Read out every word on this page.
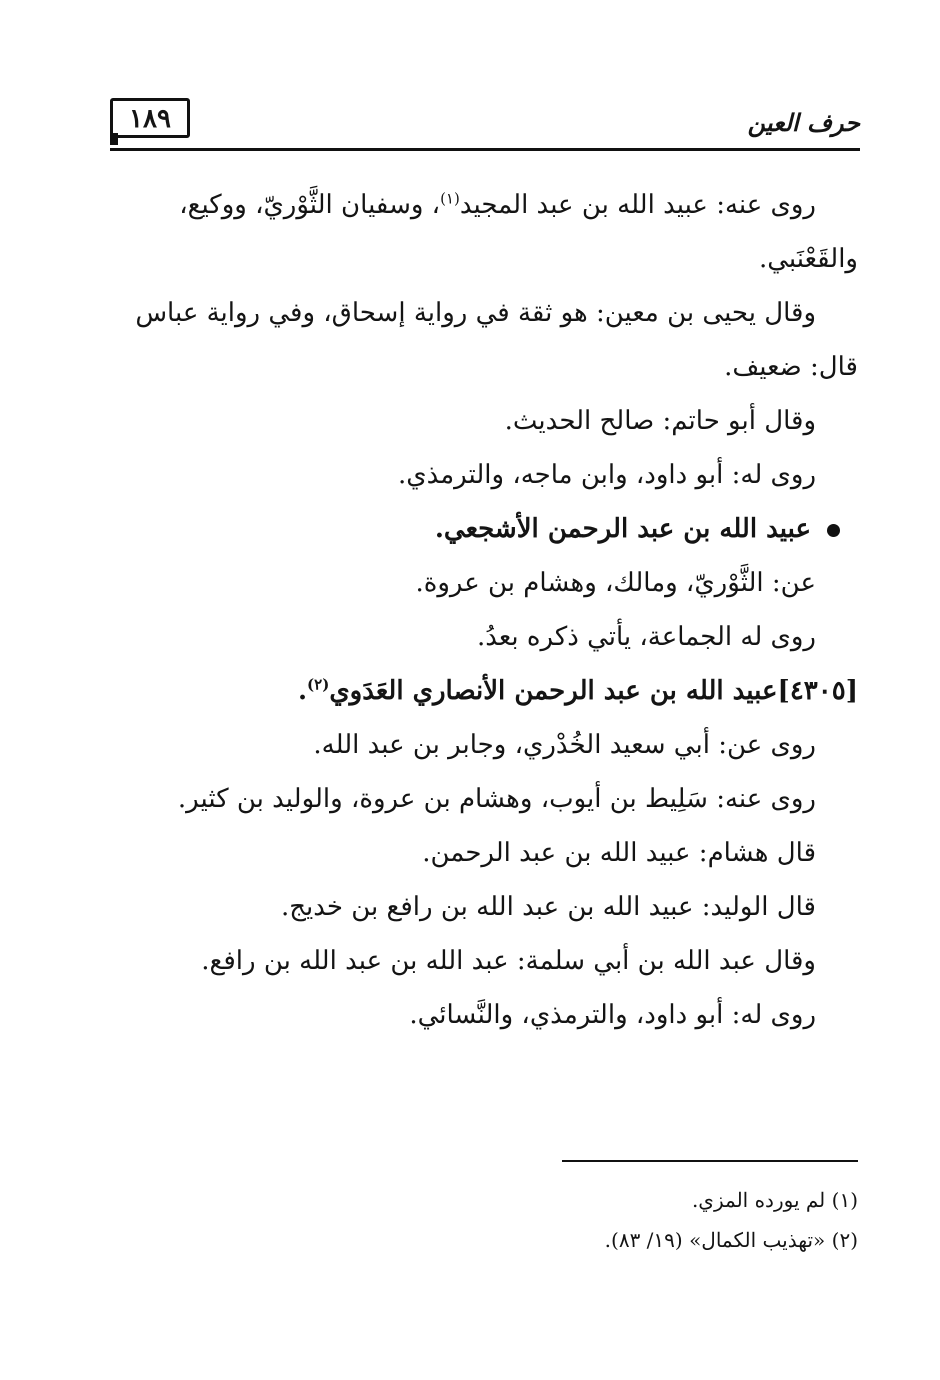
١٨٩	حرف العين
روى عنه: عبيد الله بن عبد المجيد$^{(١)}$، وسفيان الثَّوْريّ، ووكيع،
والقَعْنَبي.
وقال يحيى بن معين: هو ثقة في رواية إسحاق، وفي رواية عباس
قال: ضعيف.
وقال أبو حاتم: صالح الحديث.
روى له: أبو داود، وابن ماجه، والترمذي.
عبيد الله بن عبد الرحمن الأشجعي.
عن: الثَّوْريّ، ومالك، وهشام بن عروة.
روى له الجماعة، يأتي ذكره بعدُ.
[٤٣٠٥]عبيد الله بن عبد الرحمن الأنصاري العَدَوي$^{(٢)}$.
روى عن: أبي سعيد الخُدْري، وجابر بن عبد الله.
روى عنه: سَلِيط بن أيوب، وهشام بن عروة، والوليد بن كثير.
قال هشام: عبيد الله بن عبد الرحمن.
قال الوليد: عبيد الله بن عبد الله بن رافع بن خديج.
وقال عبد الله بن أبي سلمة: عبد الله بن عبد الله بن رافع.
روى له: أبو داود، والترمذي، والنَّسائي.
(١) لم يورده المزي.
(٢) «تهذيب الكمال» (١٩/ ٨٣).
